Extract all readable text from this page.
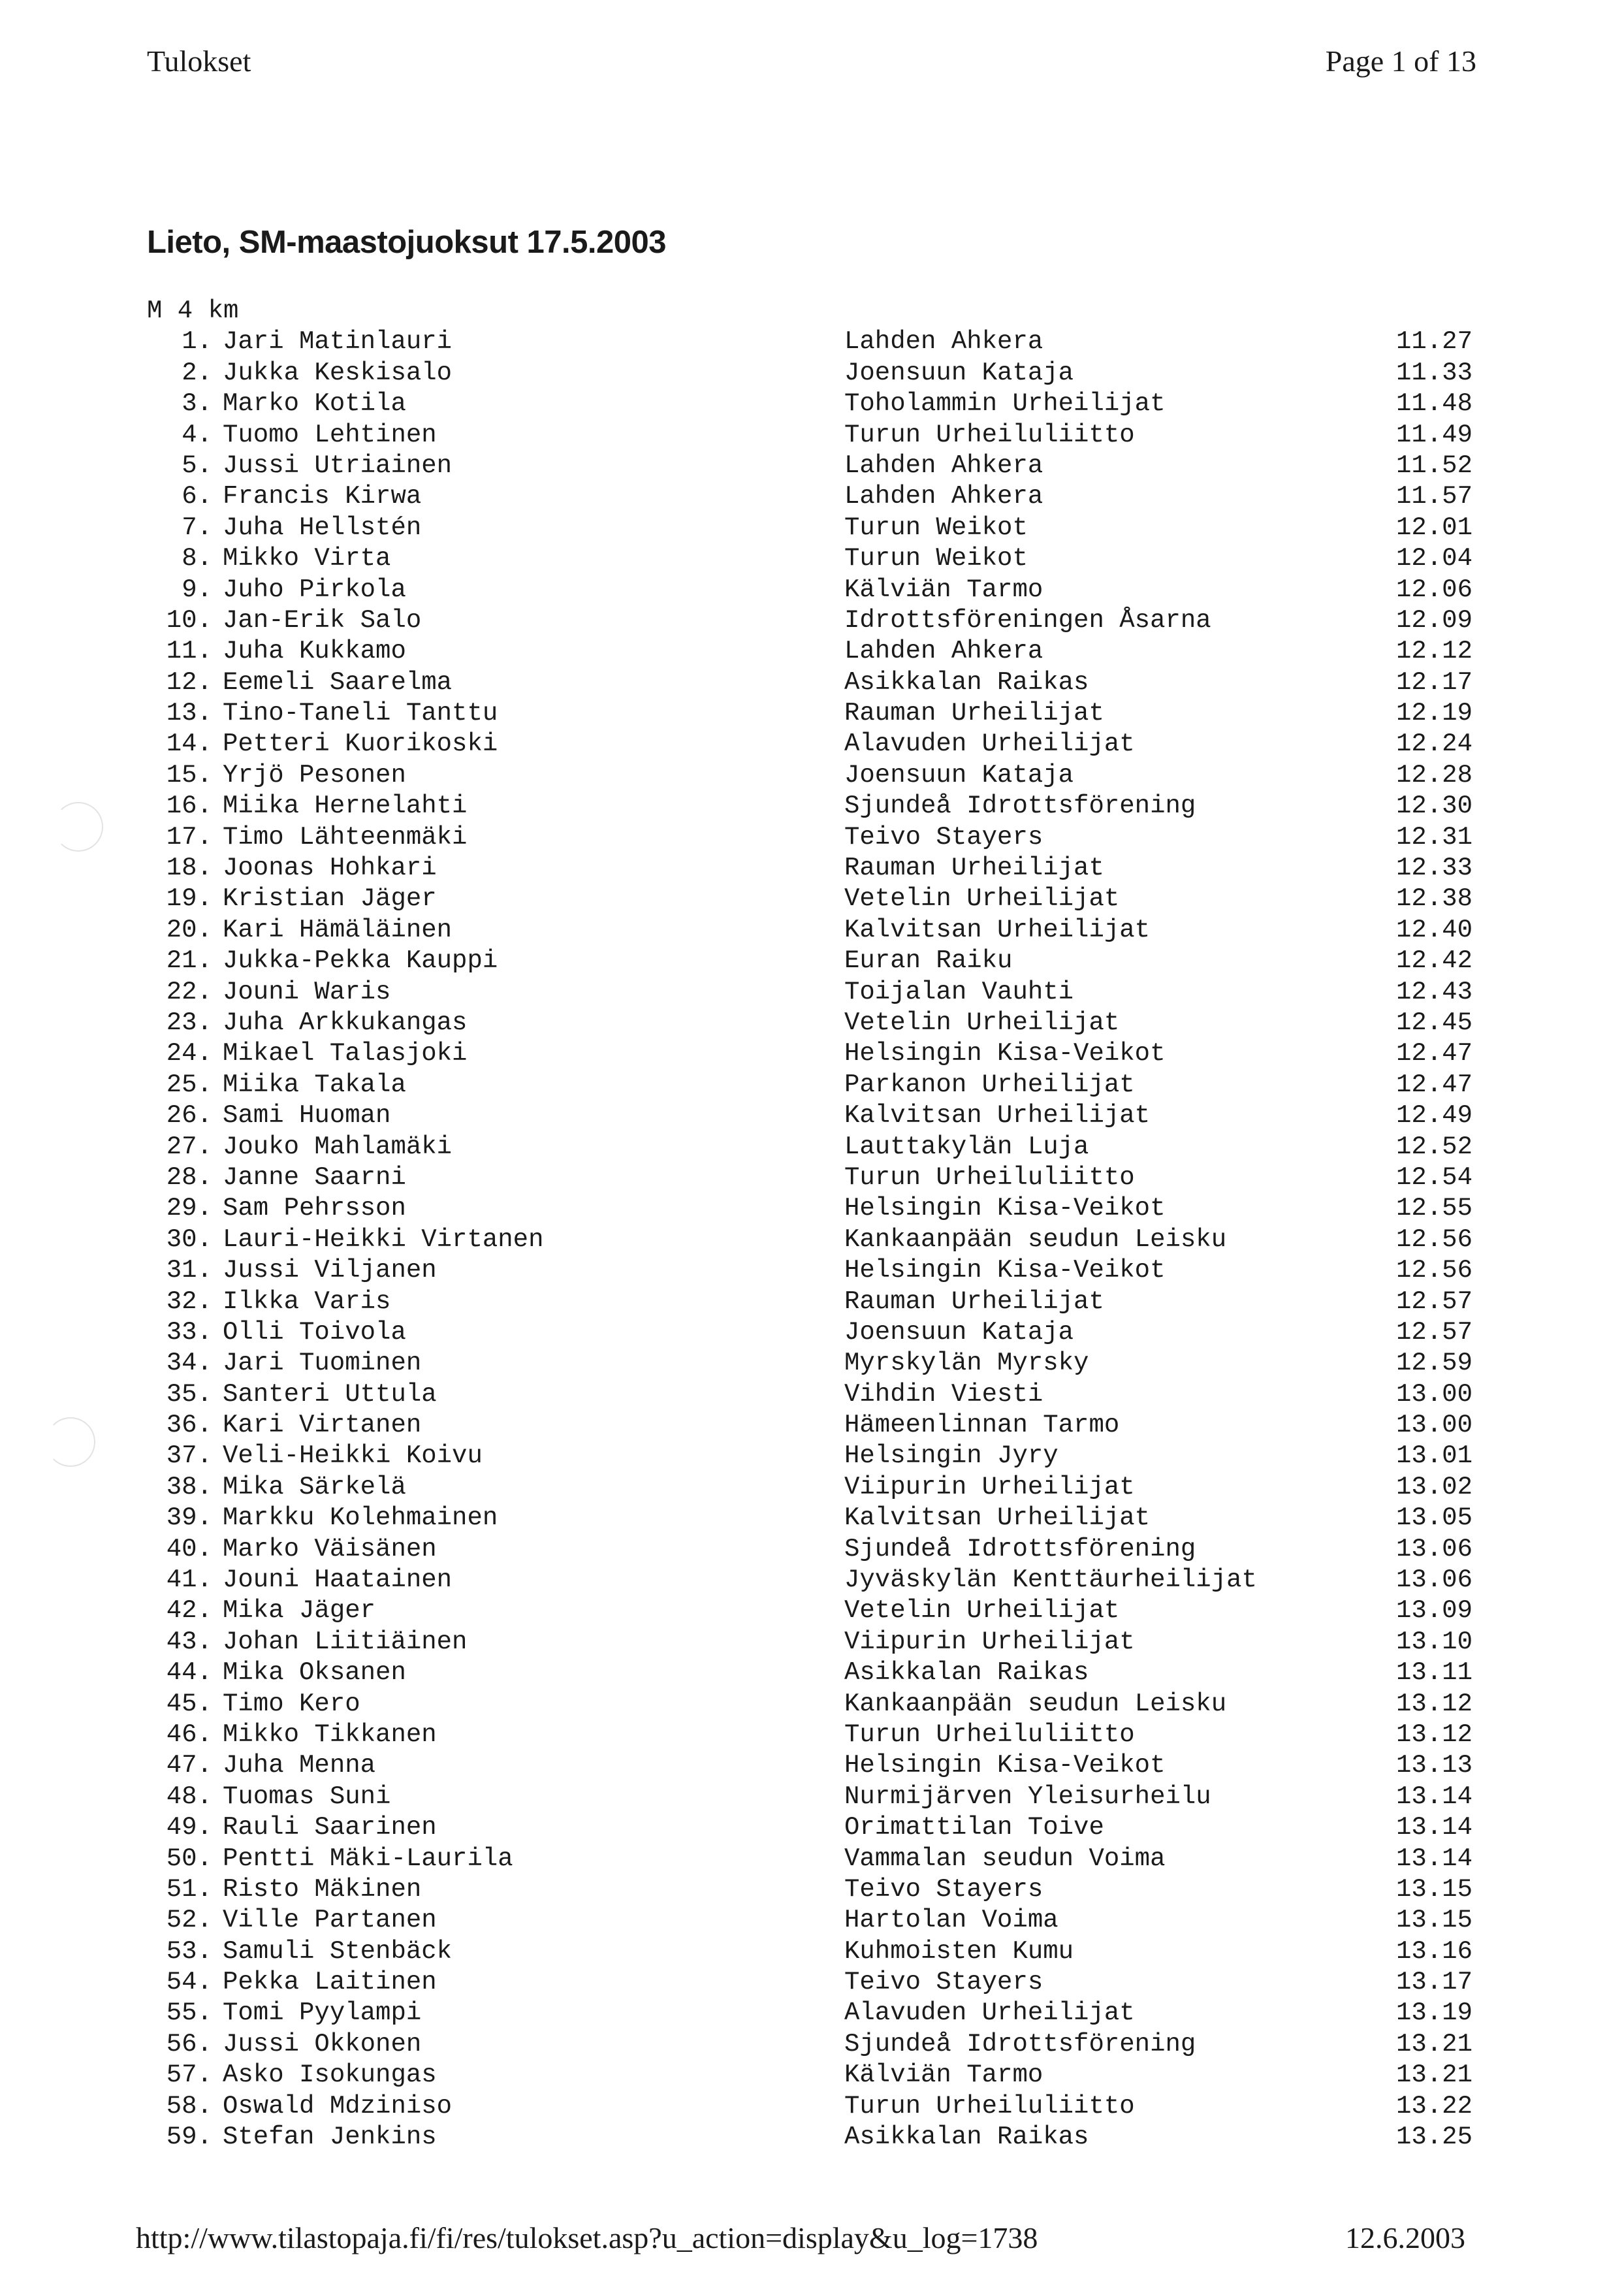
Tulokset	Page 1 of 13
Lieto, SM-maastojuoksut 17.5.2003
M 4 km
1. Jari Matinlauri	Lahden Ahkera	11.27
2. Jukka Keskisalo	Joensuun Kataja	11.33
3. Marko Kotila	Toholammin Urheilijat	11.48
4. Tuomo Lehtinen	Turun Urheiluliitto	11.49
5. Jussi Utriainen	Lahden Ahkera	11.52
6. Francis Kirwa	Lahden Ahkera	11.57
7. Juha Hellstén	Turun Weikot	12.01
8. Mikko Virta	Turun Weikot	12.04
9. Juho Pirkola	Kälviän Tarmo	12.06
10. Jan-Erik Salo	Idrottsföreningen Åsarna	12.09
11. Juha Kukkamo	Lahden Ahkera	12.12
12. Eemeli Saarelma	Asikkalan Raikas	12.17
13. Tino-Taneli Tanttu	Rauman Urheilijat	12.19
14. Petteri Kuorikoski	Alavuden Urheilijat	12.24
15. Yrjö Pesonen	Joensuun Kataja	12.28
16. Miika Hernelahti	Sjundeå Idrottsförening	12.30
17. Timo Lähteenmäki	Teivo Stayers	12.31
18. Joonas Hohkari	Rauman Urheilijat	12.33
19. Kristian Jäger	Vetelin Urheilijat	12.38
20. Kari Hämäläinen	Kalvitsan Urheilijat	12.40
21. Jukka-Pekka Kauppi	Euran Raiku	12.42
22. Jouni Waris	Toijalan Vauhti	12.43
23. Juha Arkkukangas	Vetelin Urheilijat	12.45
24. Mikael Talasjoki	Helsingin Kisa-Veikot	12.47
25. Miika Takala	Parkanon Urheilijat	12.47
26. Sami Huoman	Kalvitsan Urheilijat	12.49
27. Jouko Mahlamäki	Lauttakylän Luja	12.52
28. Janne Saarni	Turun Urheiluliitto	12.54
29. Sam Pehrsson	Helsingin Kisa-Veikot	12.55
30. Lauri-Heikki Virtanen	Kankaanpään seudun Leisku	12.56
31. Jussi Viljanen	Helsingin Kisa-Veikot	12.56
32. Ilkka Varis	Rauman Urheilijat	12.57
33. Olli Toivola	Joensuun Kataja	12.57
34. Jari Tuominen	Myrskylän Myrsky	12.59
35. Santeri Uttula	Vihdin Viesti	13.00
36. Kari Virtanen	Hämeenlinnan Tarmo	13.00
37. Veli-Heikki Koivu	Helsingin Jyry	13.01
38. Mika Särkelä	Viipurin Urheilijat	13.02
39. Markku Kolehmainen	Kalvitsan Urheilijat	13.05
40. Marko Väisänen	Sjundeå Idrottsförening	13.06
41. Jouni Haatainen	Jyväskylän Kenttäurheilijat	13.06
42. Mika Jäger	Vetelin Urheilijat	13.09
43. Johan Liitiäinen	Viipurin Urheilijat	13.10
44. Mika Oksanen	Asikkalan Raikas	13.11
45. Timo Kero	Kankaanpään seudun Leisku	13.12
46. Mikko Tikkanen	Turun Urheiluliitto	13.12
47. Juha Menna	Helsingin Kisa-Veikot	13.13
48. Tuomas Suni	Nurmijärven Yleisurheilu	13.14
49. Rauli Saarinen	Orimattilan Toive	13.14
50. Pentti Mäki-Laurila	Vammalan seudun Voima	13.14
51. Risto Mäkinen	Teivo Stayers	13.15
52. Ville Partanen	Hartolan Voima	13.15
53. Samuli Stenbäck	Kuhmoisten Kumu	13.16
54. Pekka Laitinen	Teivo Stayers	13.17
55. Tomi Pyylampi	Alavuden Urheilijat	13.19
56. Jussi Okkonen	Sjundeå Idrottsförening	13.21
57. Asko Isokungas	Kälviän Tarmo	13.21
58. Oswald Mdziniso	Turun Urheiluliitto	13.22
59. Stefan Jenkins	Asikkalan Raikas	13.25
http://www.tilastopaja.fi/fi/res/tulokset.asp?u_action=display&u_log=1738	12.6.2003
